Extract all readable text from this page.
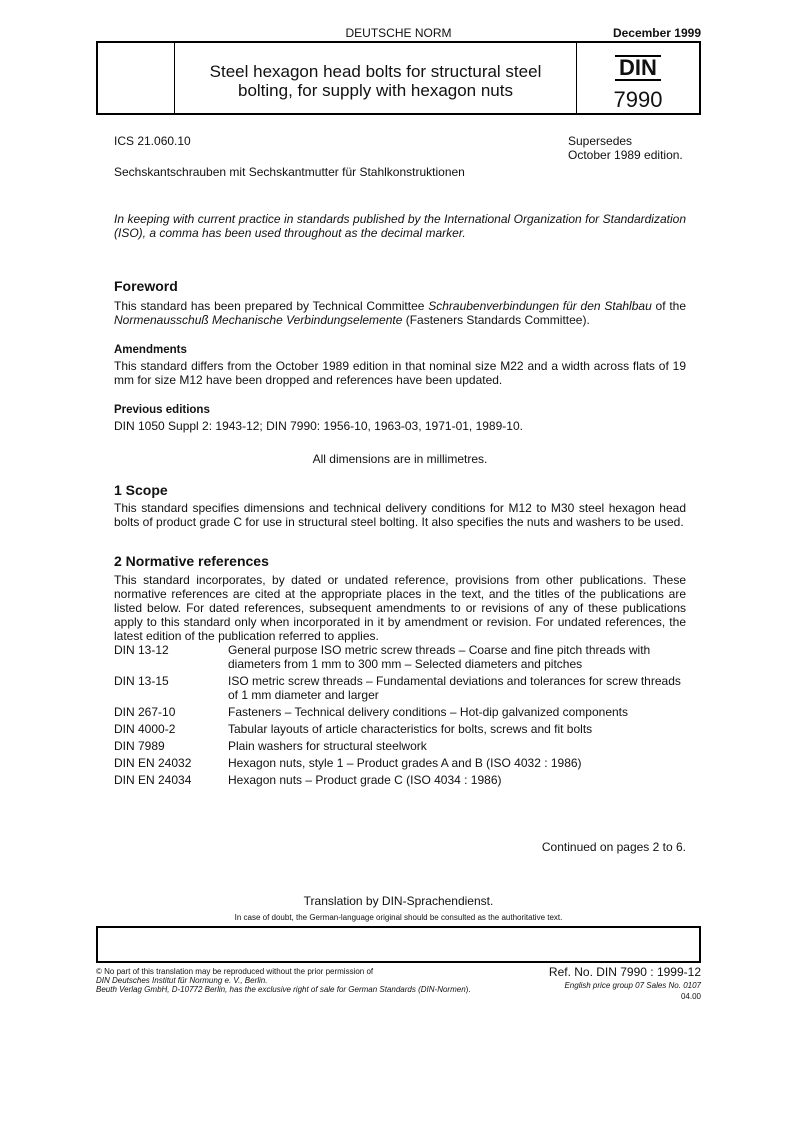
DEUTSCHE NORM	December 1999
Steel hexagon head bolts for structural steel
bolting, for supply with hexagon nuts
DIN
7990
ICS 21.060.10	Supersedes
October 1989 edition.
Sechskantschrauben mit Sechskantmutter für Stahlkonstruktionen
In keeping with current practice in standards published by the International Organization for Standardization (ISO), a comma has been used throughout as the decimal marker.
Foreword
This standard has been prepared by Technical Committee Schraubenverbindungen für den Stahlbau of the Normenausschuß Mechanische Verbindungselemente (Fasteners Standards Committee).
Amendments
This standard differs from the October 1989 edition in that nominal size M22 and a width across flats of 19 mm for size M12 have been dropped and references have been updated.
Previous editions
DIN 1050 Suppl 2: 1943-12; DIN 7990: 1956-10, 1963-03, 1971-01, 1989-10.
All dimensions are in millimetres.
1 Scope
This standard specifies dimensions and technical delivery conditions for M12 to M30 steel hexagon head bolts of product grade C for use in structural steel bolting. It also specifies the nuts and washers to be used.
2 Normative references
This standard incorporates, by dated or undated reference, provisions from other publications. These normative references are cited at the appropriate places in the text, and the titles of the publications are listed below. For dated references, subsequent amendments to or revisions of any of these publications apply to this standard only when incorporated in it by amendment or revision. For undated references, the latest edition of the publication referred to applies.
DIN 13-12	General purpose ISO metric screw threads – Coarse and fine pitch threads with diameters from 1 mm to 300 mm – Selected diameters and pitches
DIN 13-15	ISO metric screw threads – Fundamental deviations and tolerances for screw threads of 1 mm diameter and larger
DIN 267-10	Fasteners – Technical delivery conditions – Hot-dip galvanized components
DIN 4000-2	Tabular layouts of article characteristics for bolts, screws and fit bolts
DIN 7989	Plain washers for structural steelwork
DIN EN 24032	Hexagon nuts, style 1 – Product grades A and B (ISO 4032 : 1986)
DIN EN 24034	Hexagon nuts – Product grade C (ISO 4034 : 1986)
Continued on pages 2 to 6.
Translation by DIN-Sprachendienst.
In case of doubt, the German-language original should be consulted as the authoritative text.
© No part of this translation may be reproduced without the prior permission of
DIN Deutsches Institut für Normung e. V., Berlin.
Beuth Verlag GmbH, D-10772 Berlin, has the exclusive right of sale for German Standards (DIN-Normen).
Ref. No. DIN 7990 : 1999-12
English price group 07 Sales No. 0107
04.00
